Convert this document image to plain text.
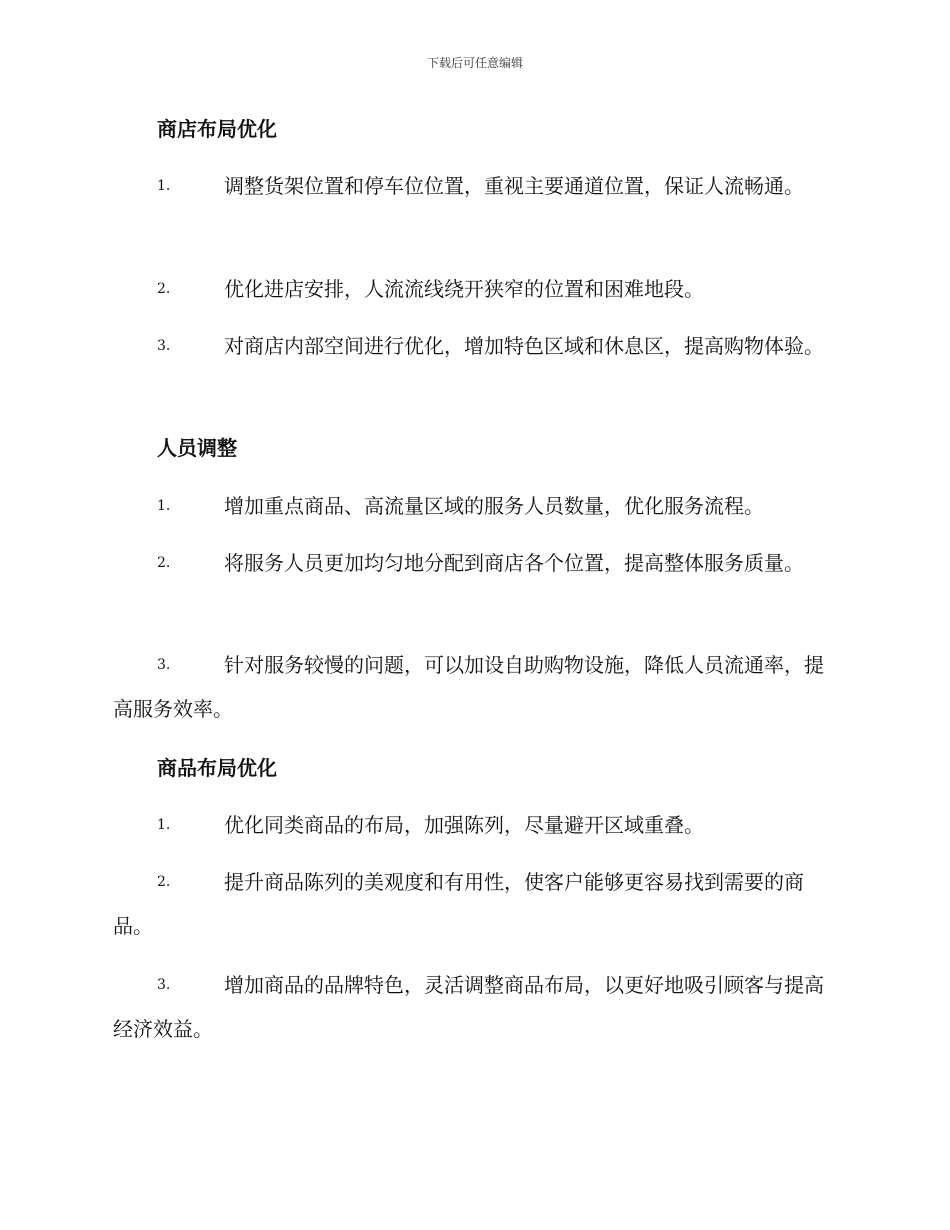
下载后可任意编辑
商店布局优化

1.	调整货架位置和停车位位置，重视主要通道位置，保证人流畅通。

2.	优化进店安排，人流流线绕开狭窄的位置和困难地段。

3.	对商店内部空间进行优化，增加特色区域和休息区，提高购物体验。

人员调整

1.	增加重点商品、高流量区域的服务人员数量，优化服务流程。

2.	将服务人员更加均匀地分配到商店各个位置，提高整体服务质量。

3.	针对服务较慢的问题，可以加设自助购物设施，降低人员流通率，提高服务效率。

商品布局优化

1.	优化同类商品的布局，加强陈列，尽量避开区域重叠。

2.	提升商品陈列的美观度和有用性，使客户能够更容易找到需要的商品。

3.	增加商品的品牌特色，灵活调整商品布局，以更好地吸引顾客与提高经济效益。
